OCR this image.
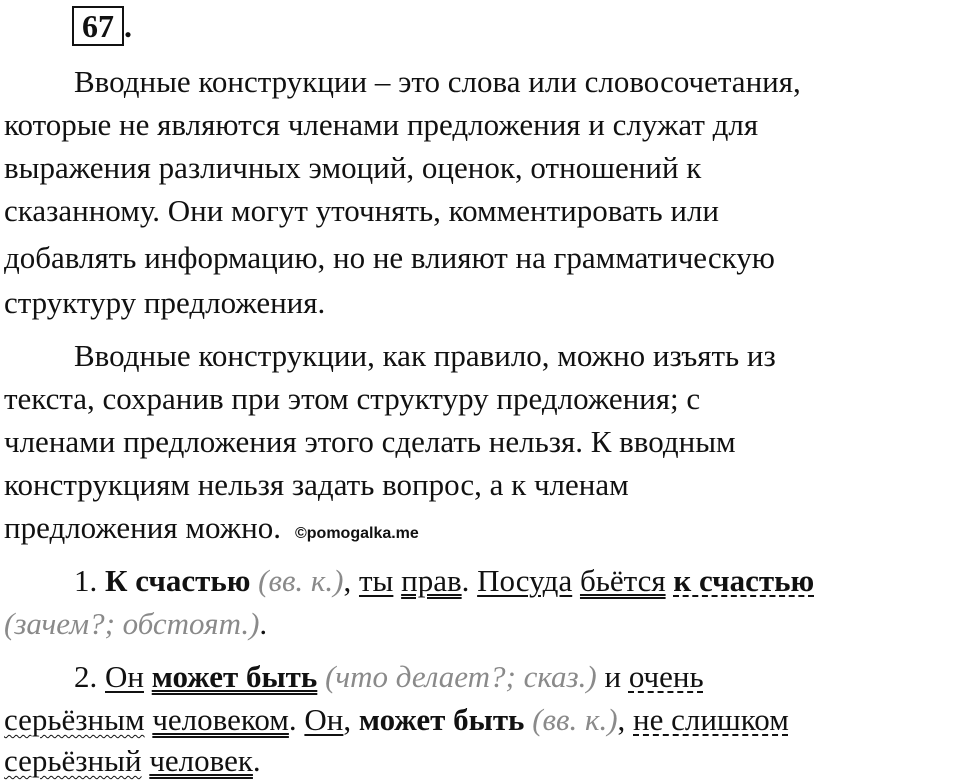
67 .
Вводные конструкции – это слова или словосочетания,
которые не являются членами предложения и служат для
выражения различных эмоций, оценок, отношений к
сказанному. Они могут уточнять, комментировать или
добавлять информацию, но не влияют на грамматическую
структуру предложения.
Вводные конструкции, как правило, можно изъять из
текста, сохранив при этом структуру предложения; с
членами предложения этого сделать нельзя. К вводным
конструкциям нельзя задать вопрос, а к членам
предложения можно. ©pomogalka.me
1. К счастью (вв. к.), ты прав. Посуда бьётся к счастью
(зачем?; обстоят.).
2. Он может быть (что делает?; сказ.) и очень
серьёзным человеком. Он, может быть (вв. к.), не слишком
серьёзный человек.
